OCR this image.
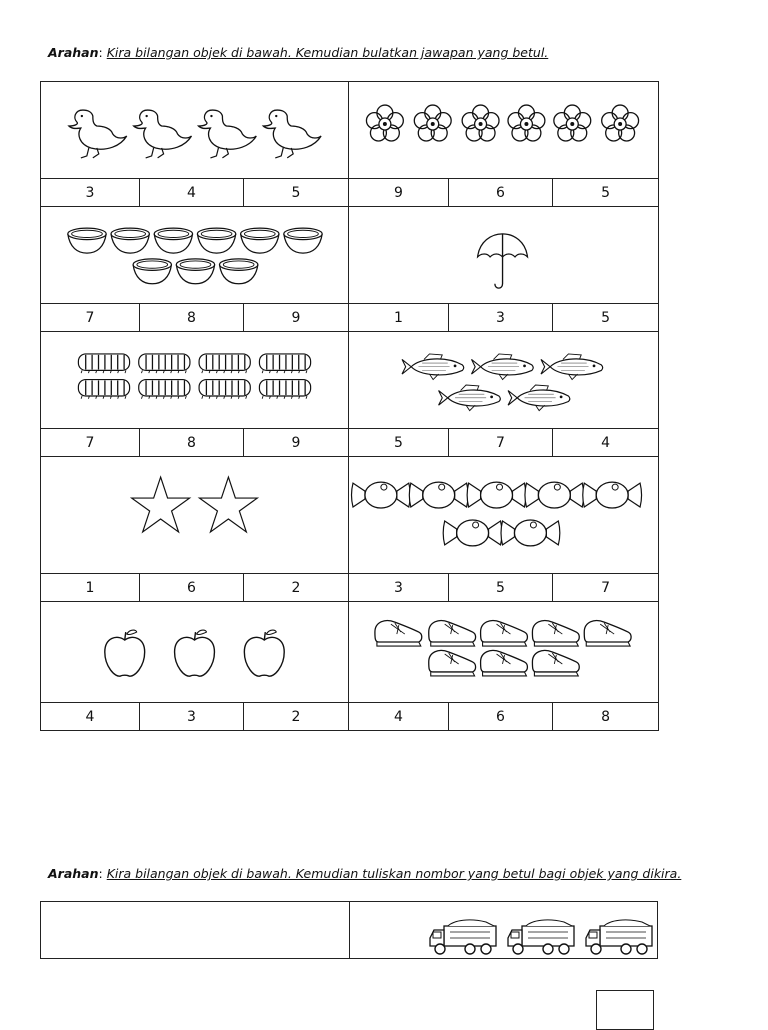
Arahan: Kira bilangan objek di bawah. Kemudian bulatkan jawapan yang betul.

3	4	5	9	6	5

7	8	9	1	3	5

7	8	9	5	7	4

1	6	2	3	5	7

4	3	2	4	6	8
Arahan: Kira bilangan objek di bawah. Kemudian tuliskan nombor yang betul bagi objek yang dikira.
